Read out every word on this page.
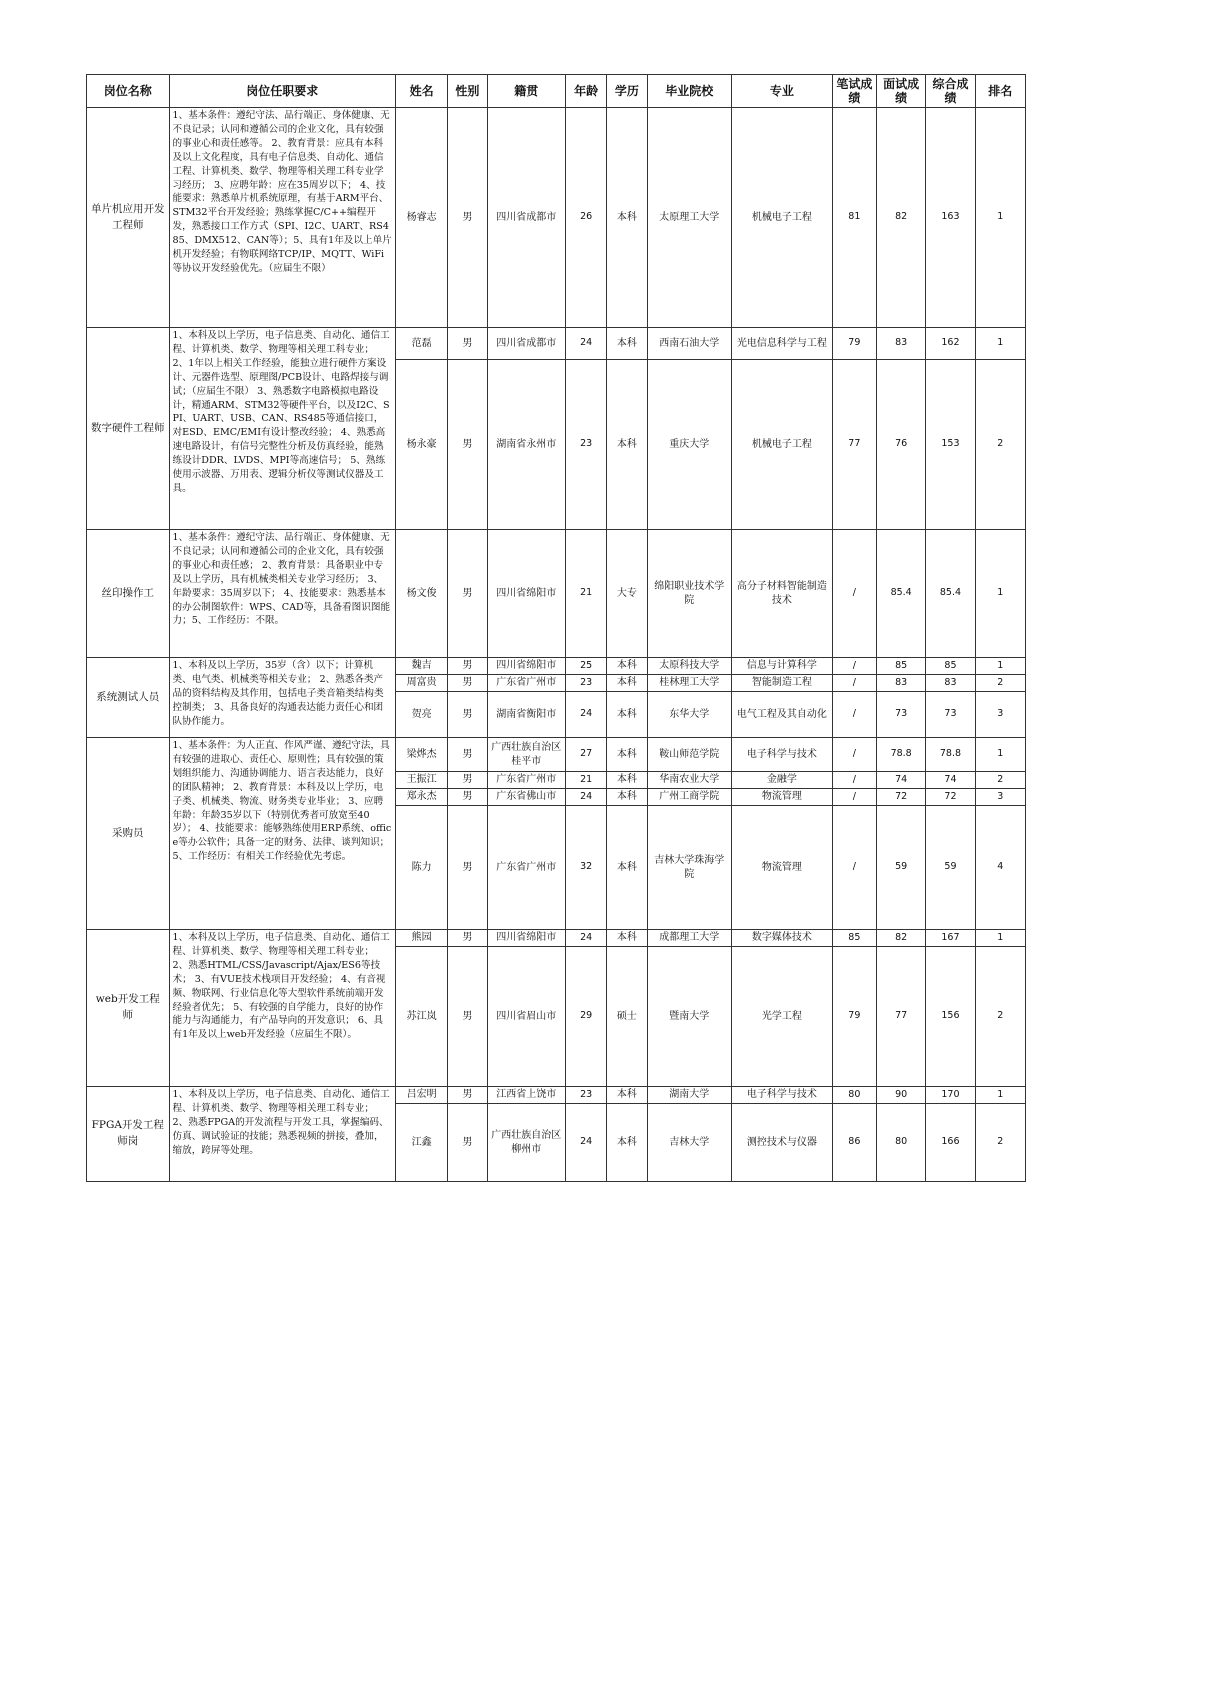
岗位名称	岗位任职要求	姓名	性别	籍贯	年龄	学历	毕业院校	专业	笔试成绩	面试成绩	综合成绩	排名
单片机应用开发工程师	1、基本条件：遵纪守法、品行端正、身体健康、无不良记录；认同和遵循公司的企业文化，具有较强的事业心和责任感等。 2、教育背景：应具有本科及以上文化程度，具有电子信息类、自动化、通信工程、计算机类、数学、物理等相关理工科专业学习经历； 3、应聘年龄：应在35周岁以下； 4、技能要求：熟悉单片机系统原理，有基于ARM平台、STM32平台开发经验；熟练掌握C/C++编程开发，熟悉接口工作方式（SPI、I2C、UART、RS485、DMX512、CAN等）；5、具有1年及以上单片机开发经验；有物联网络TCP/IP、MQTT、WiFi等协议开发经验优先。（应届生不限）	杨睿志	男	四川省成都市	26	本科	太原理工大学	机械电子工程	81	82	163	1
数字硬件工程师	1、本科及以上学历，电子信息类、自动化、通信工程、计算机类、数学、物理等相关理工科专业； 2、1年以上相关工作经验，能独立进行硬件方案设计、元器件选型、原理图/PCB设计、电路焊接与调试；（应届生不限） 3、熟悉数字电路模拟电路设计，精通ARM、STM32等硬件平台，以及I2C、SPI、UART、USB、CAN、RS485等通信接口，对ESD、EMC/EMI有设计整改经验； 4、熟悉高速电路设计，有信号完整性分析及仿真经验，能熟练设计DDR、LVDS、MPI等高速信号； 5、熟练使用示波器、万用表、逻辑分析仪等测试仪器及工具。	范磊	男	四川省成都市	24	本科	西南石油大学	光电信息科学与工程	79	83	162	1
		杨永豪	男	湖南省永州市	23	本科	重庆大学	机械电子工程	77	76	153	2
丝印操作工	1、基本条件：遵纪守法、品行端正、身体健康、无不良记录；认同和遵循公司的企业文化，具有较强的事业心和责任感； 2、教育背景：具备职业中专及以上学历，具有机械类相关专业学习经历； 3、年龄要求：35周岁以下； 4、技能要求：熟悉基本的办公制图软件：WPS、CAD等，具备看图识图能力；5、工作经历：不限。	杨文俊	男	四川省绵阳市	21	大专	绵阳职业技术学院	高分子材料智能制造技术	/	85.4	85.4	1
系统测试人员	1、本科及以上学历，35岁（含）以下；计算机类、电气类、机械类等相关专业； 2、熟悉各类产品的资料结构及其作用，包括电子类音箱类结构类控制类； 3、具备良好的沟通表达能力责任心和团队协作能力。	魏吉	男	四川省绵阳市	25	本科	太原科技大学	信息与计算科学	/	85	85	1
		周富贵	男	广东省广州市	23	本科	桂林理工大学	智能制造工程	/	83	83	2
		贺亮	男	湖南省衡阳市	24	本科	东华大学	电气工程及其自动化	/	73	73	3
采购员	1、基本条件：为人正直、作风严谨、遵纪守法，具有较强的进取心、责任心、原则性；具有较强的策划组织能力、沟通协调能力、语言表达能力，良好的团队精神； 2、教育背景：本科及以上学历，电子类、机械类、物流、财务类专业毕业； 3、应聘年龄：年龄35岁以下（特别优秀者可放宽至40岁）； 4、技能要求：能够熟练使用ERP系统、office等办公软件；具备一定的财务、法律、谈判知识； 5、工作经历：有相关工作经验优先考虑。	梁烨杰	男	广西壮族自治区桂平市	27	本科	鞍山师范学院	电子科学与技术	/	78.8	78.8	1
		王振江	男	广东省广州市	21	本科	华南农业大学	金融学	/	74	74	2
		郑永杰	男	广东省佛山市	24	本科	广州工商学院	物流管理	/	72	72	3
		陈力	男	广东省广州市	32	本科	吉林大学珠海学院	物流管理	/	59	59	4
web开发工程师	1、本科及以上学历，电子信息类、自动化、通信工程、计算机类、数学、物理等相关理工科专业； 2、熟悉HTML/CSS/Javascript/Ajax/ES6等技术； 3、有VUE技术栈项目开发经验； 4、有音视频、物联网、行业信息化等大型软件系统前端开发经验者优先； 5、有较强的自学能力，良好的协作能力与沟通能力，有产品导向的开发意识； 6、具有1年及以上web开发经验（应届生不限）。	熊园	男	四川省绵阳市	24	本科	成都理工大学	数字媒体技术	85	82	167	1
		苏江岚	男	四川省眉山市	29	硕士	暨南大学	光学工程	79	77	156	2
FPGA开发工程师岗	1、本科及以上学历，电子信息类、自动化、通信工程、计算机类、数学、物理等相关理工科专业； 2、熟悉FPGA的开发流程与开发工具，掌握编码、仿真、调试验证的技能；熟悉视频的拼接，叠加，缩放，跨屏等处理。	吕宏明	男	江西省上饶市	23	本科	湖南大学	电子科学与技术	80	90	170	1
		江鑫	男	广西壮族自治区柳州市	24	本科	吉林大学	测控技术与仪器	86	80	166	2
